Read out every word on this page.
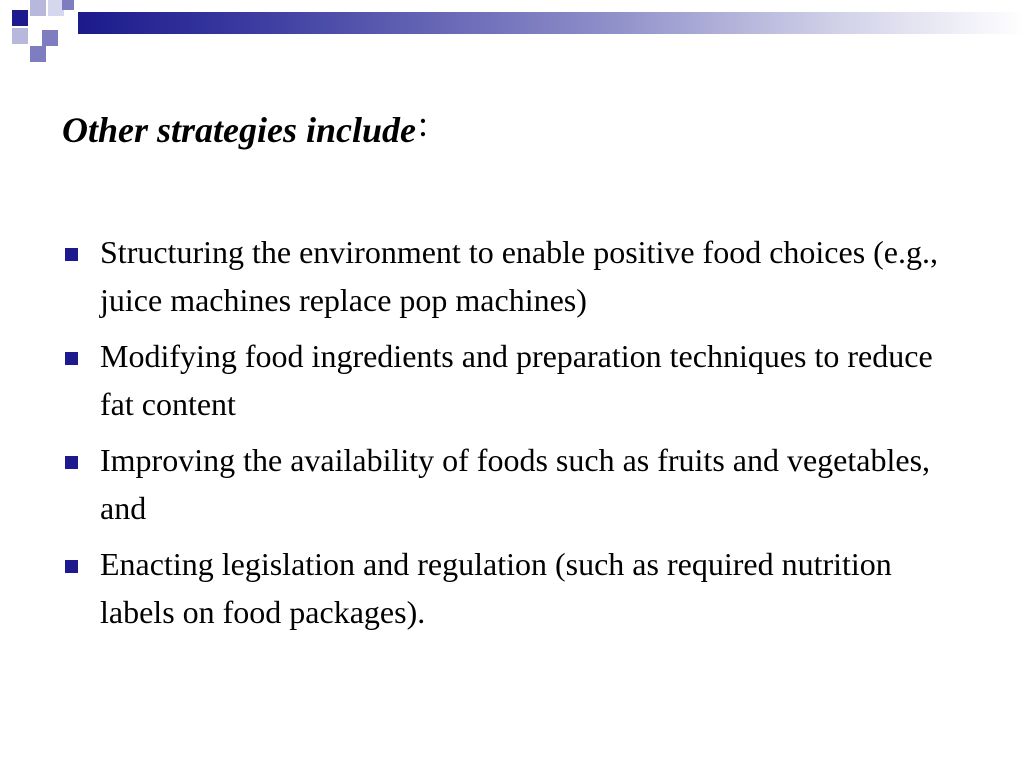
Other strategies include:
Structuring the environment to enable positive food choices (e.g., juice machines replace pop machines)
Modifying food ingredients and preparation techniques to reduce fat content
Improving the availability of foods such as fruits and vegetables, and
Enacting legislation and regulation (such as required nutrition labels on food packages).
